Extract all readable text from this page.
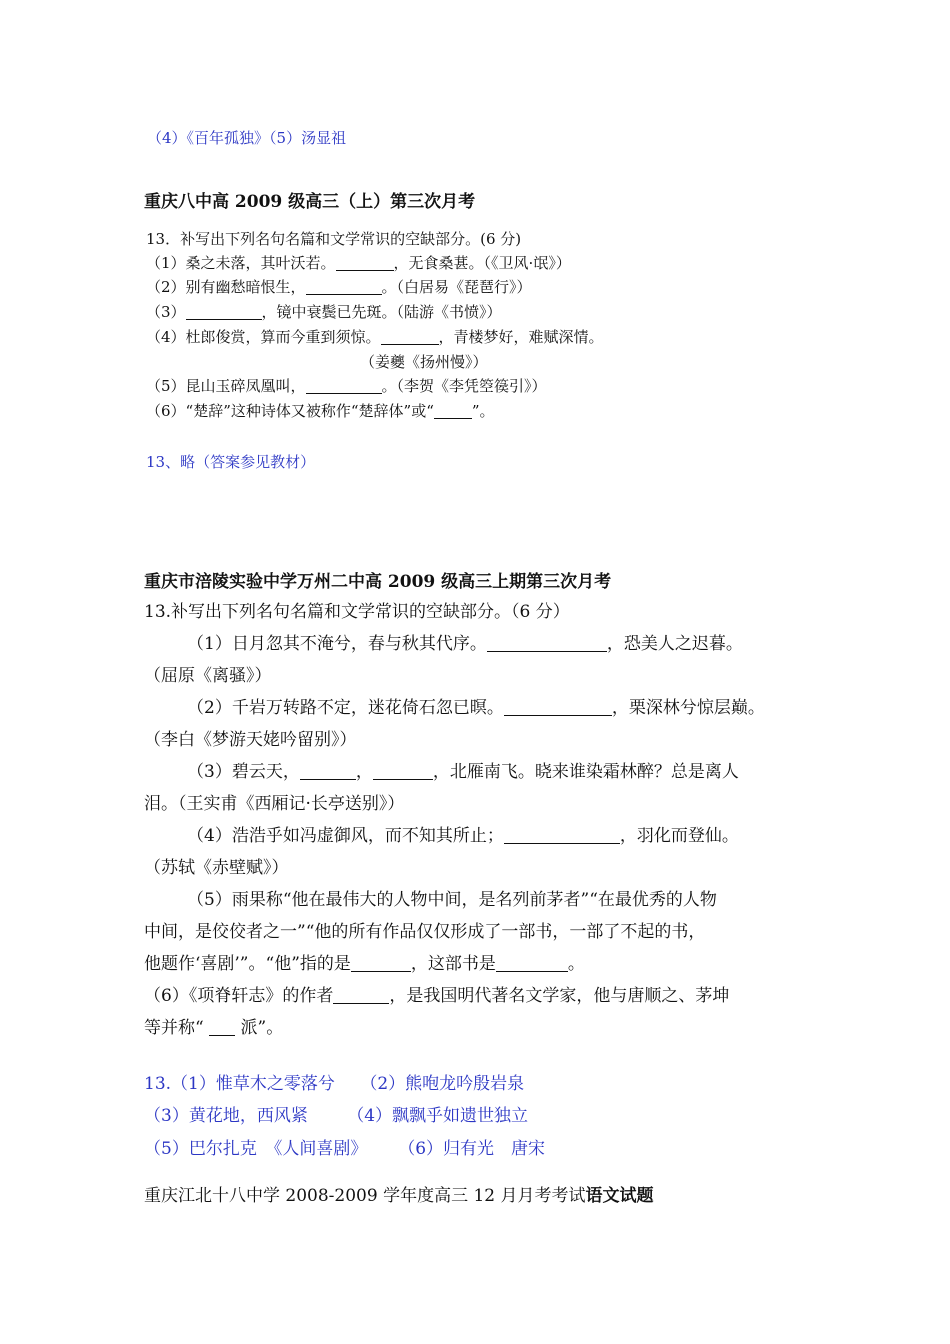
（4）《百年孤独》（5）汤显祖
重庆八中高 2009 级高三（上）第三次月考
13．补写出下列名句名篇和文学常识的空缺部分。(6 分)
（1）桑之未落，其叶沃若。	，无食桑葚。（《卫风·氓》）
（2）别有幽愁暗恨生，	。（白居易《琵琶行》）
（3）	，镜中衰鬓已先斑。（陆游《书愤》）
（4）杜郎俊赏，算而今重到须惊。	，青楼梦好，难赋深情。
（姜夔《扬州慢》）
（5）昆山玉碎凤凰叫，	。（李贺《李凭箜篌引》）
（6）“楚辞”这种诗体又被称作“楚辞体”或“	”。
13、略（答案参见教材）
重庆市涪陵实验中学万州二中高 2009 级高三上期第三次月考
13.补写出下列名句名篇和文学常识的空缺部分。（6 分）
（1）日月忽其不淹兮，春与秋其代序。	，恐美人之迟暮。
（屈原《离骚》）
（2）千岩万转路不定，迷花倚石忽已暝。	，栗深林兮惊层巅。
（李白《梦游天姥吟留别》）
（3）碧云天，	，	，北雁南飞。晓来谁染霜林醉？总是离人
泪。（王实甫《西厢记·长亭送别》）
（4）浩浩乎如冯虚御风，而不知其所止；	，羽化而登仙。
（苏轼《赤壁赋》）
（5）雨果称“他在最伟大的人物中间，是名列前茅者”“在最优秀的人物
中间，是佼佼者之一”“他的所有作品仅仅形成了一部书，一部了不起的书，
他题作‘喜剧’”。“他”指的是	，这部书是	。
（6）《项脊轩志》的作者	，是我国明代著名文学家，他与唐顺之、茅坤
等并称“  派”。
13.（1）惟草木之零落兮　　（2）熊咆龙吟殷岩泉
（3）黄花地，西风紧　　 （4）飘飘乎如遗世独立
（5）巴尔扎克　《人间喜剧》　　 （6）归有光　唐宋
重庆江北十八中学 2008-2009 学年度高三 12 月月考考试语文试题
